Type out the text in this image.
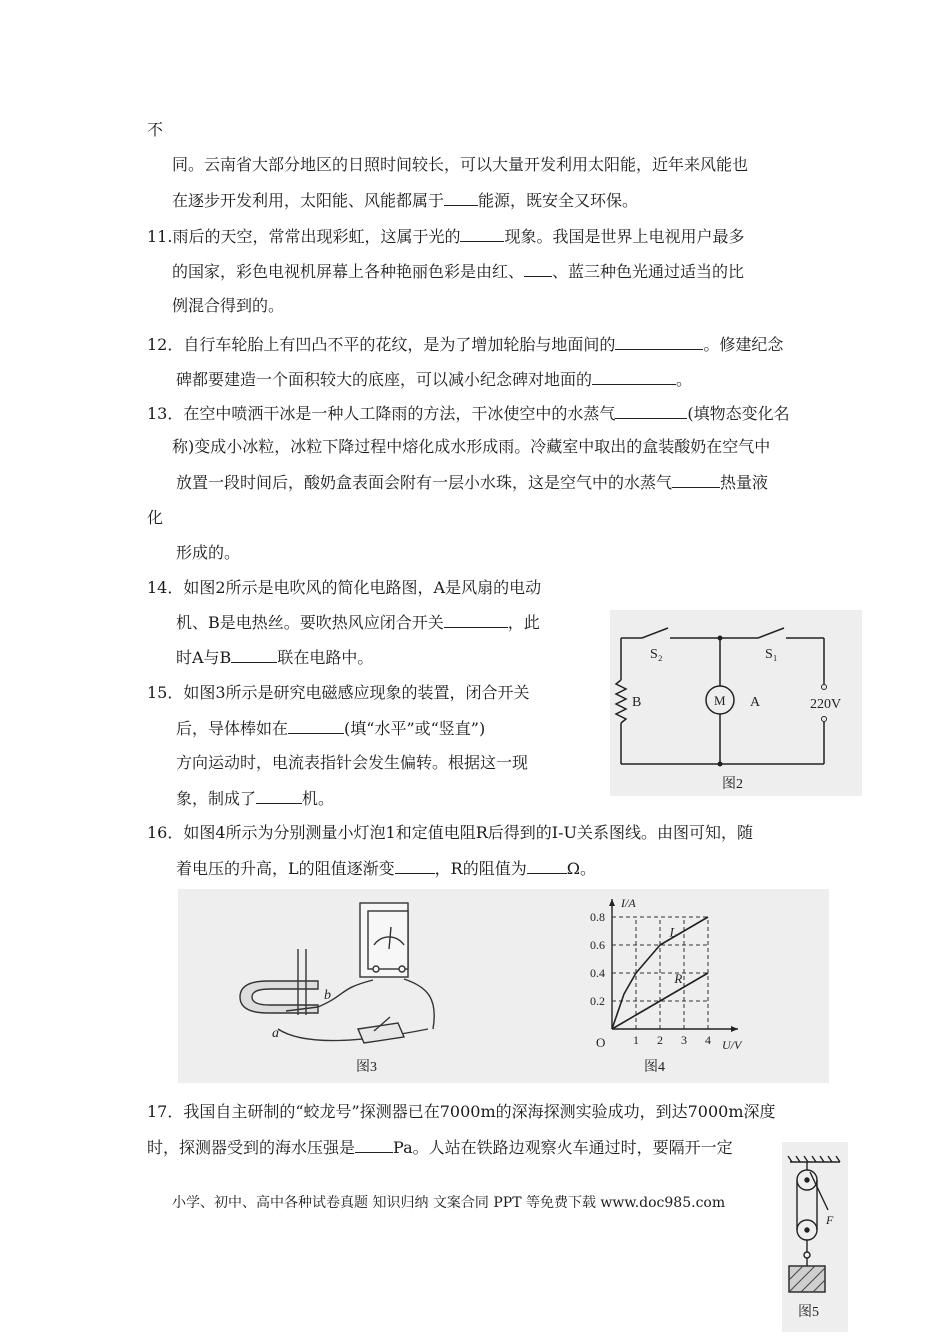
不
同。云南省大部分地区的日照时间较长，可以大量开发利用太阳能，近年来风能也
在逐步开发利用，太阳能、风能都属于 能源，既安全又环保。
11.雨后的天空，常常出现彩虹，这属于光的	现象。我国是世界上电视用户最多
的国家，彩色电视机屏幕上各种艳丽色彩是由红、 、蓝三种色光通过适当的比
例混合得到的。
12．自行车轮胎上有凹凸不平的花纹，是为了增加轮胎与地面间的	。修建纪念
碑都要建造一个面积较大的底座，可以减小纪念碑对地面的	。
13．在空中喷洒干冰是一种人工降雨的方法，干冰使空中的水蒸气	(填物态变化名
称)变成小冰粒，冰粒下降过程中熔化成水形成雨。冷藏室中取出的盒装酸奶在空气中
放置一段时间后，酸奶盒表面会附有一层小水珠，这是空气中的水蒸气	热量液
化
形成的。
14．如图2所示是电吹风的简化电路图，A是风扇的电动
机、B是电热丝。要吹热风应闭合开关	，此
时A与B	联在电路中。
15．如图3所示是研究电磁感应现象的装置，闭合开关
后，导体棒如在	(填“水平”或“竖直”)
方向运动时，电流表指针会发生偏转。根据这一现
象，制成了	机。
16．如图4所示为分别测量小灯泡1和定值电阻R后得到的I-U关系图线。由图可知，随
着电压的升高，L的阻值逐渐变	，R的阻值为	Ω。
17．我国自主研制的“蛟龙号”探测器已在7000m的深海探测实验成功，到达7000m深度
时，探测器受到的海水压强是 Pa。人站在铁路边观察火车通过时，要隔开一定
小学、初中、高中各种试卷真题 知识归纳 文案合同 PPT 等免费下载 www.doc985.com
S₂	S₁
B	M A	220V
图2
a
b
图3
1 2 3 4
0.8
0.6
0.4
0.2
L
R
I/A
U/V
O
图4
F
图5
